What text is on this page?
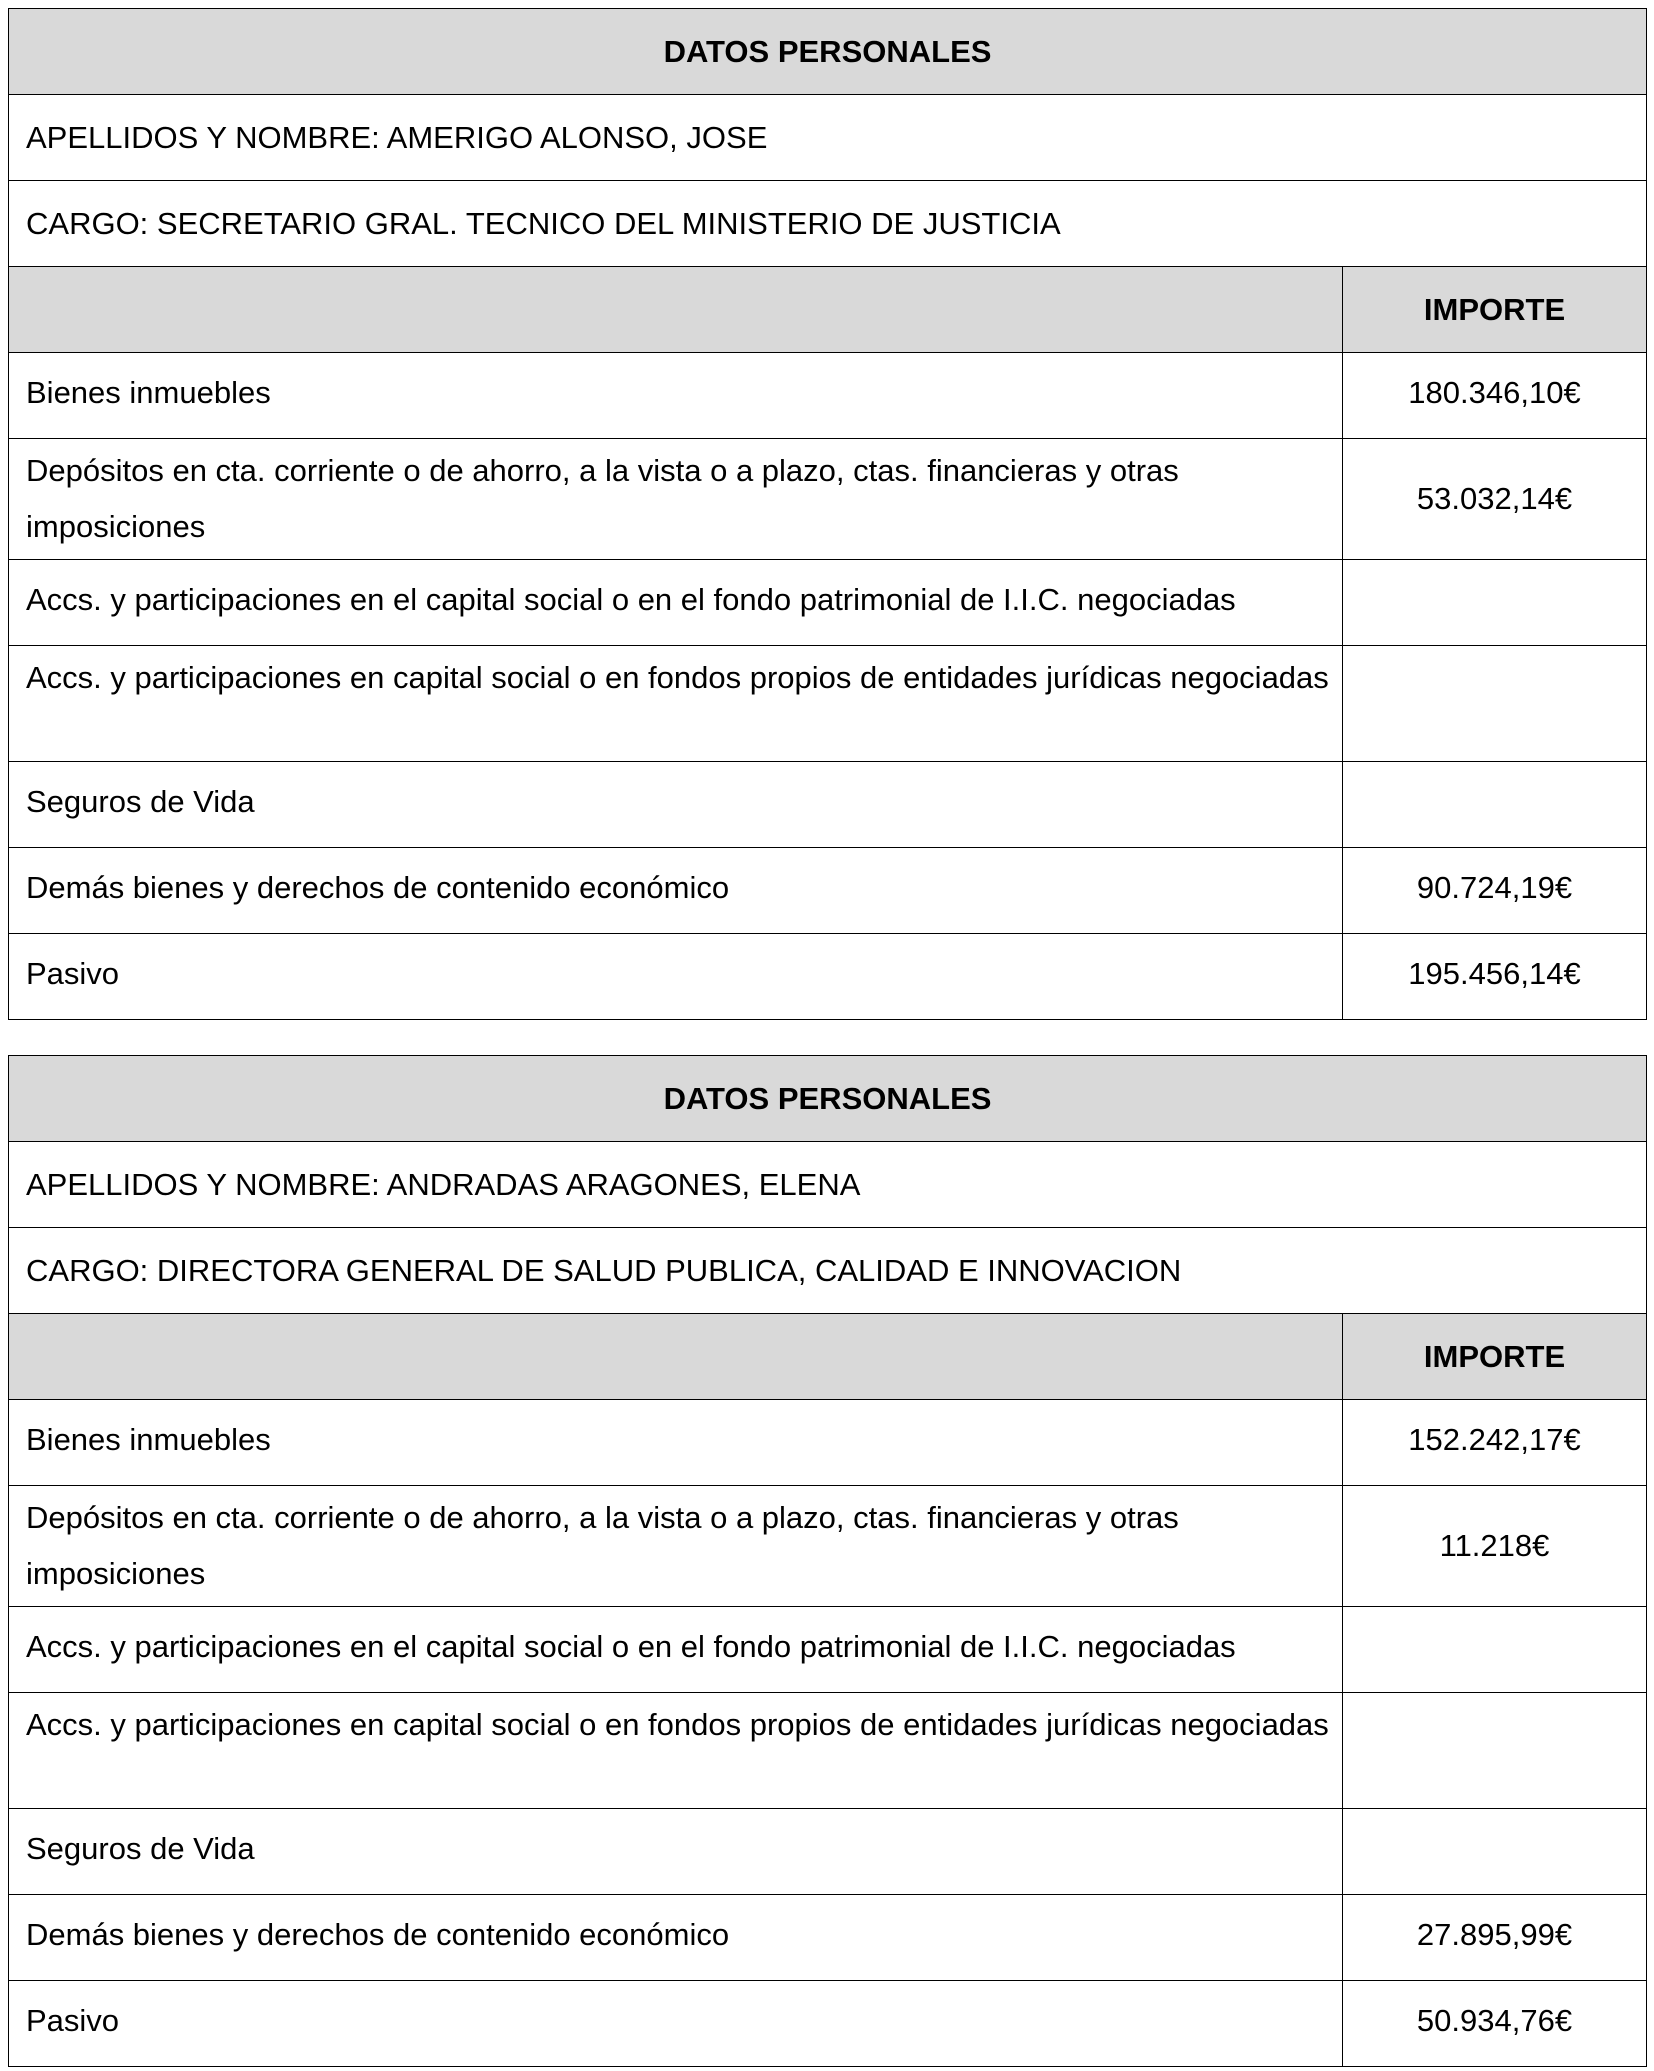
DATOS PERSONALES	
APELLIDOS Y NOMBRE: AMERIGO ALONSO, JOSE	
CARGO: SECRETARIO GRAL. TECNICO DEL MINISTERIO DE JUSTICIA	
	IMPORTE
Bienes inmuebles	180.346,10€
Depósitos en cta. corriente o de ahorro, a la vista o a plazo, ctas. financieras y otras imposiciones	53.032,14€
Accs. y participaciones en el capital social o en el fondo patrimonial de I.I.C. negociadas	
Accs. y participaciones en capital social o en fondos propios de entidades jurídicas negociadas	
Seguros de Vida	
Demás bienes y derechos de contenido económico	90.724,19€
Pasivo	195.456,14€
DATOS PERSONALES	
APELLIDOS Y NOMBRE: ANDRADAS ARAGONES, ELENA	
CARGO: DIRECTORA GENERAL DE SALUD PUBLICA, CALIDAD E INNOVACION	
	IMPORTE
Bienes inmuebles	152.242,17€
Depósitos en cta. corriente o de ahorro, a la vista o a plazo, ctas. financieras y otras imposiciones	11.218€
Accs. y participaciones en el capital social o en el fondo patrimonial de I.I.C. negociadas	
Accs. y participaciones en capital social o en fondos propios de entidades jurídicas negociadas	
Seguros de Vida	
Demás bienes y derechos de contenido económico	27.895,99€
Pasivo	50.934,76€
